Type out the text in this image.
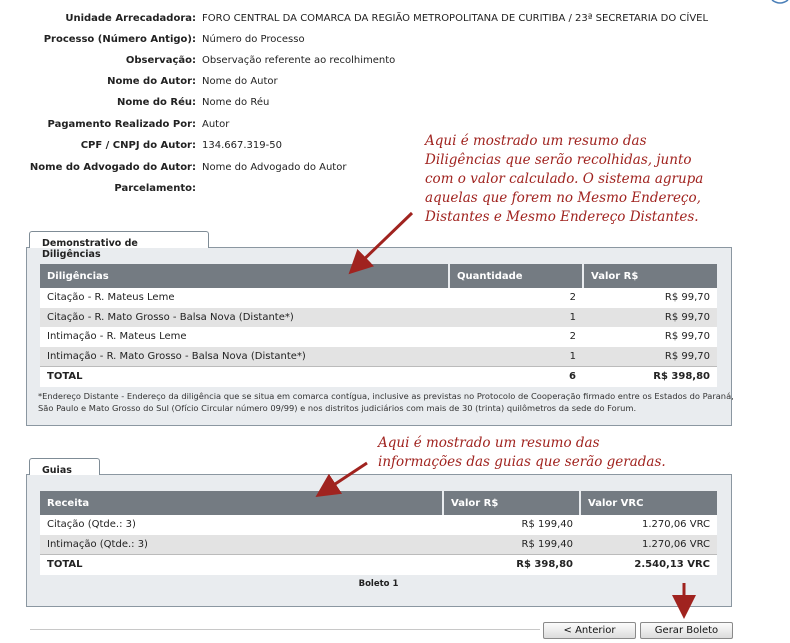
Unidade Arrecadadora: FORO CENTRAL DA COMARCA DA REGIÃO METROPOLITANA DE CURITIBA / 23ª SECRETARIA DO CÍVEL
Processo (Número Antigo): Número do Processo
Observação: Observação referente ao recolhimento
Nome do Autor: Nome do Autor
Nome do Réu: Nome do Réu
Pagamento Realizado Por: Autor
CPF / CNPJ do Autor: 134.667.319-50
Nome do Advogado do Autor: Nome do Advogado do Autor
Parcelamento:
Aqui é mostrado um resumo das
Diligências que serão recolhidas, junto
com o valor calculado. O sistema agrupa
aquelas que forem no Mesmo Endereço,
Distantes e Mesmo Endereço Distantes.
Demonstrativo de Diligências
Diligências	Quantidade	Valor R$
Citação - R. Mateus Leme	2	R$ 99,70
Citação - R. Mato Grosso - Balsa Nova (Distante*)	1	R$ 99,70
Intimação - R. Mateus Leme	2	R$ 99,70
Intimação - R. Mato Grosso - Balsa Nova (Distante*)	1	R$ 99,70
TOTAL	6	R$ 398,80
*Endereço Distante - Endereço da diligência que se situa em comarca contígua, inclusive as previstas no Protocolo de Cooperação firmado entre os Estados do Paraná,
São Paulo e Mato Grosso do Sul (Ofício Circular número 09/99) e nos distritos judiciários com mais de 30 (trinta) quilômetros da sede do Forum.
Aqui é mostrado um resumo das
informações das guias que serão geradas.
Guias
Receita	Valor R$	Valor VRC
Citação (Qtde.: 3)	R$ 199,40	1.270,06 VRC
Intimação (Qtde.: 3)	R$ 199,40	1.270,06 VRC
TOTAL	R$ 398,80	2.540,13 VRC
Boleto 1
< Anterior	Gerar Boleto
